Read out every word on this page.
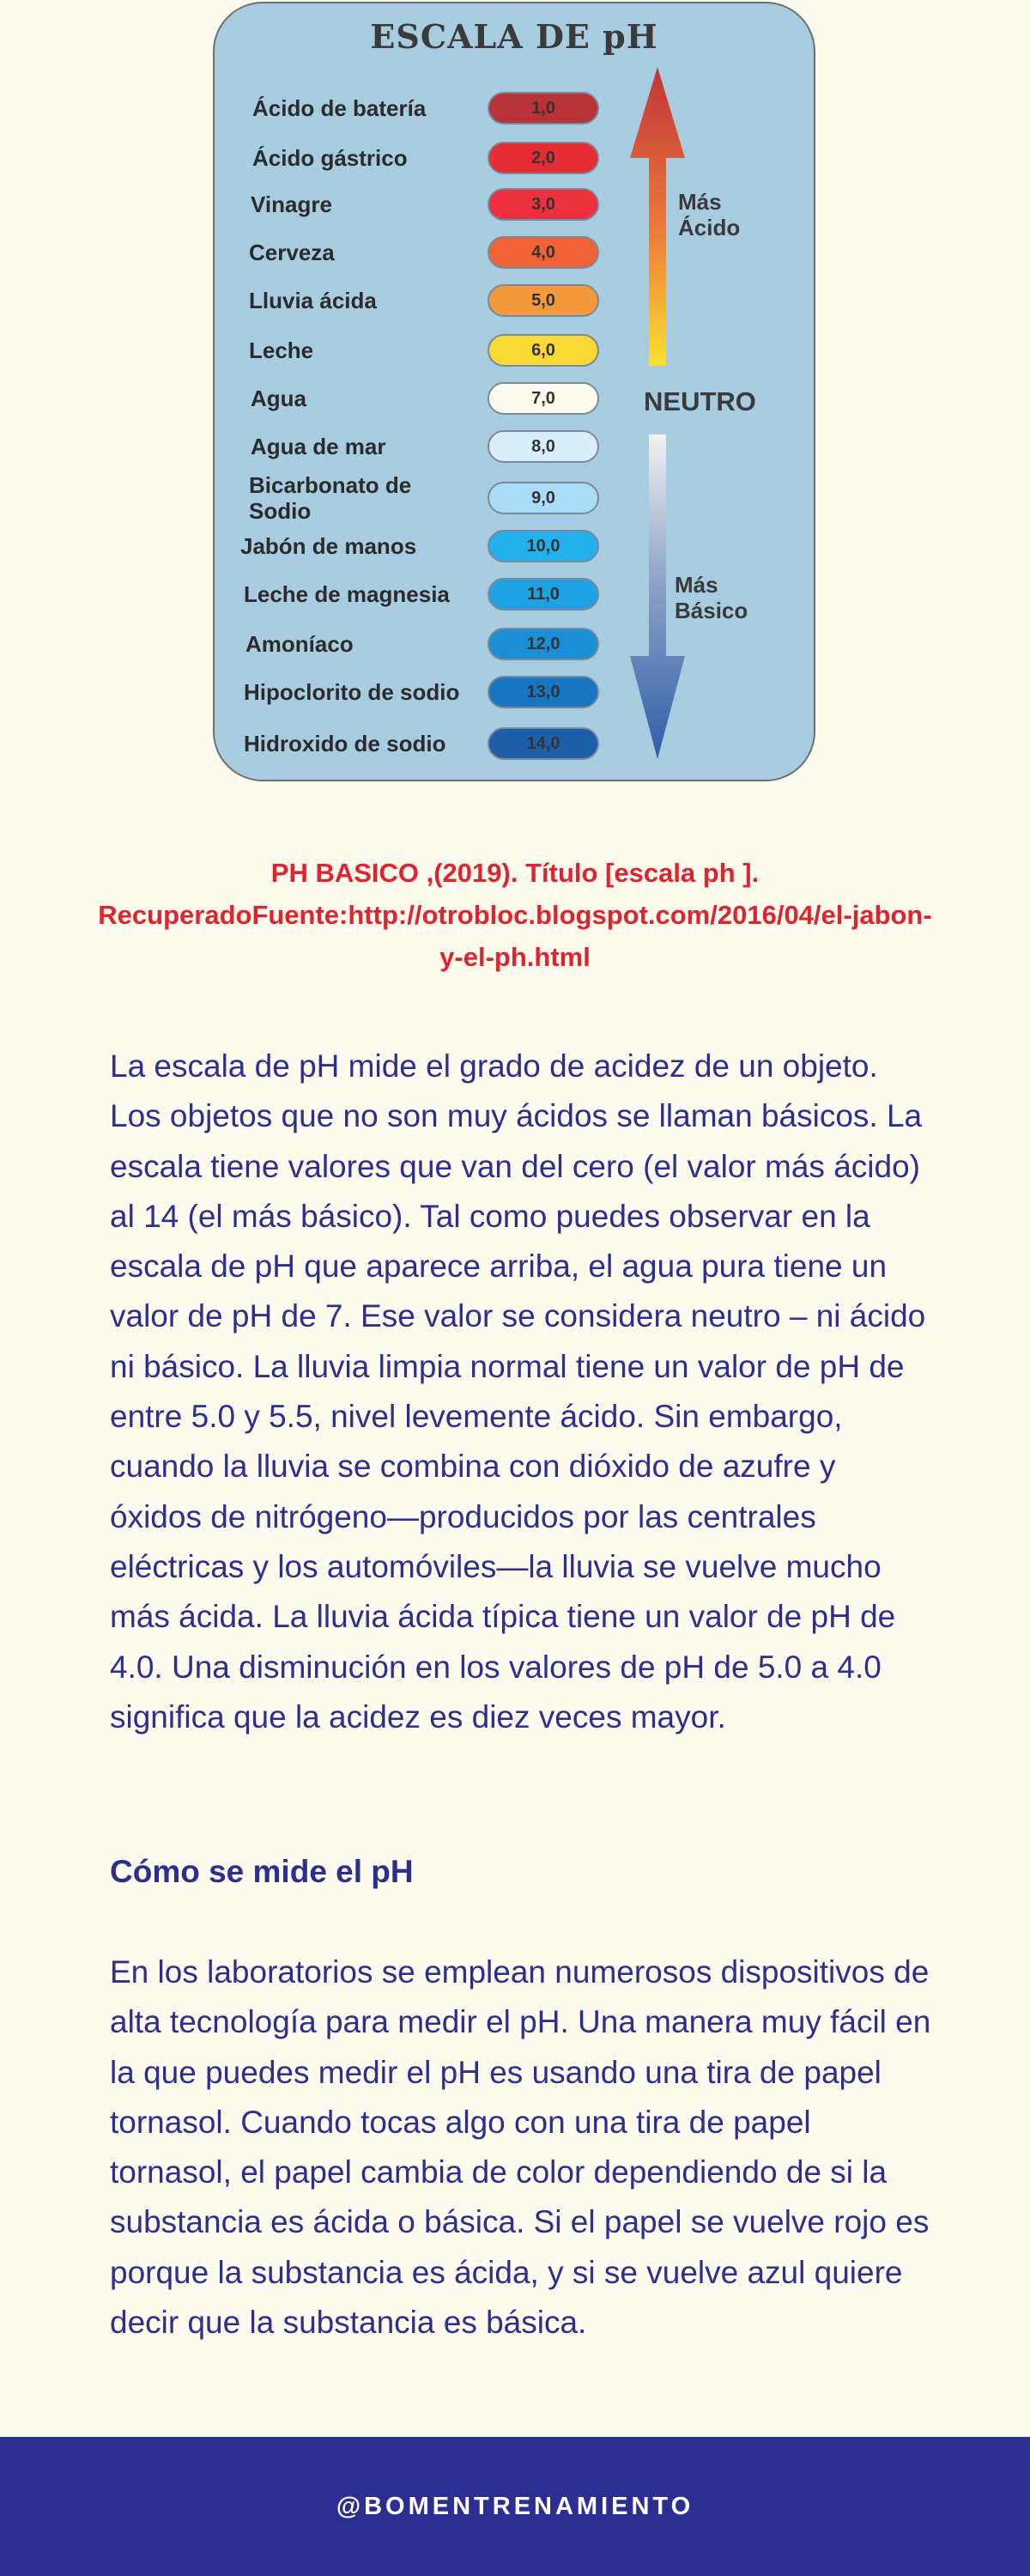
ESCALA DE pH
Ácido de batería	1,0
Ácido gástrico	2,0
Vinagre	3,0
Cerveza	4,0
Lluvia ácida	5,0
Leche	6,0
Agua	7,0
Agua de mar	8,0
Bicarbonato de Sodio	9,0
Jabón de manos	10,0
Leche de magnesia	11,0
Amoníaco	12,0
Hipoclorito de sodio	13,0
Hidroxido de sodio	14,0
Más Ácido
NEUTRO
Más Básico
PH BASICO ,(2019). Título [escala ph ]. RecuperadoFuente:http://otrobloc.blogspot.com/2016/04/el-jabon-y-el-ph.html
La escala de pH mide el grado de acidez de un objeto. Los objetos que no son muy ácidos se llaman básicos. La escala tiene valores que van del cero (el valor más ácido) al 14 (el más básico). Tal como puedes observar en la escala de pH que aparece arriba, el agua pura tiene un valor de pH de 7. Ese valor se considera neutro – ni ácido ni básico. La lluvia limpia normal tiene un valor de pH de entre 5.0 y 5.5, nivel levemente ácido. Sin embargo, cuando la lluvia se combina con dióxido de azufre y óxidos de nitrógeno—producidos por las centrales eléctricas y los automóviles—la lluvia se vuelve mucho más ácida. La lluvia ácida típica tiene un valor de pH de 4.0. Una disminución en los valores de pH de 5.0 a 4.0 significa que la acidez es diez veces mayor.
Cómo se mide el pH
En los laboratorios se emplean numerosos dispositivos de alta tecnología para medir el pH. Una manera muy fácil en la que puedes medir el pH es usando una tira de papel tornasol. Cuando tocas algo con una tira de papel tornasol, el papel cambia de color dependiendo de si la substancia es ácida o básica. Si el papel se vuelve rojo es porque la substancia es ácida, y si se vuelve azul quiere decir que la substancia es básica.
@BOMENTRENAMIENTO
